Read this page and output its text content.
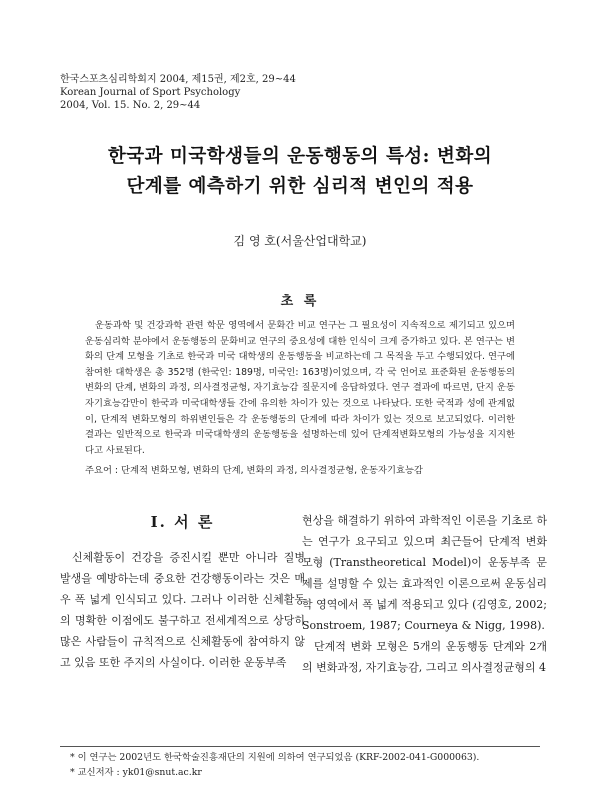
한국스포츠심리학회지 2004, 제15권, 제2호, 29~44
Korean Journal of Sport Psychology
2004, Vol. 15. No. 2, 29~44
한국과 미국학생들의 운동행동의 특성: 변화의
단계를 예측하기 위한 심리적 변인의 적용
김 영 호(서울산업대학교)
초 록
운동과학 및 건강과학 관련 학문 영역에서 문화간 비교 연구는 그 필요성이 지속적으로 제기되고 있으며 운동심리학 분야에서 운동행동의 문화비교 연구의 중요성에 대한 인식이 크게 증가하고 있다. 본 연구는 변화의 단계 모형을 기초로 한국과 미국 대학생의 운동행동을 비교하는데 그 목적을 두고 수행되었다. 연구에 참여한 대학생은 총 352명 (한국인: 189명, 미국인: 163명)이었으며, 각 국 언어로 표준화된 운동행동의 변화의 단계, 변화의 과정, 의사결정균형, 자기효능감 질문지에 응답하였다. 연구 결과에 따르면, 단지 운동자기효능감만이 한국과 미국대학생들 간에 유의한 차이가 있는 것으로 나타났다. 또한 국적과 성에 관계없이, 단계적 변화모형의 하위변인들은 각 운동행동의 단계에 따라 차이가 있는 것으로 보고되었다. 이러한 결과는 일반적으로 한국과 미국대학생의 운동행동을 설명하는데 있어 단계적변화모형의 가능성을 지지한다고 사료된다.
주요어 : 단계적 변화모형, 변화의 단계, 변화의 과정, 의사결정균형, 운동자기효능감
I. 서 론

신체활동이 건강을 증진시킬 뿐만 아니라 질병 발생을 예방하는데 중요한 건강행동이라는 것은 매우 폭 넓게 인식되고 있다. 그러나 이러한 신체활동의 명확한 이점에도 불구하고 전세계적으로 상당히 많은 사람들이 규칙적으로 신체활동에 참여하지 않고 있음 또한 주지의 사실이다. 이러한 운동부족

현상을 해결하기 위하여 과학적인 이론을 기초로 하는 연구가 요구되고 있으며 최근들어 단계적 변화 모형 (Transtheoretical Model)이 운동부족 문제를 설명할 수 있는 효과적인 이론으로써 운동심리학 영역에서 폭 넓게 적용되고 있다 (김영호, 2002; Sonstroem, 1987; Courneya & Nigg, 1998).

단계적 변화 모형은 5개의 운동행동 단계와 2개의 변화과정, 자기효능감, 그리고 의사결정균형의 4

* 이 연구는 2002년도 한국학술진흥재단의 지원에 의하여 연구되었음 (KRF-2002-041-G000063).
* 교신저자 : yk01@snut.ac.kr
